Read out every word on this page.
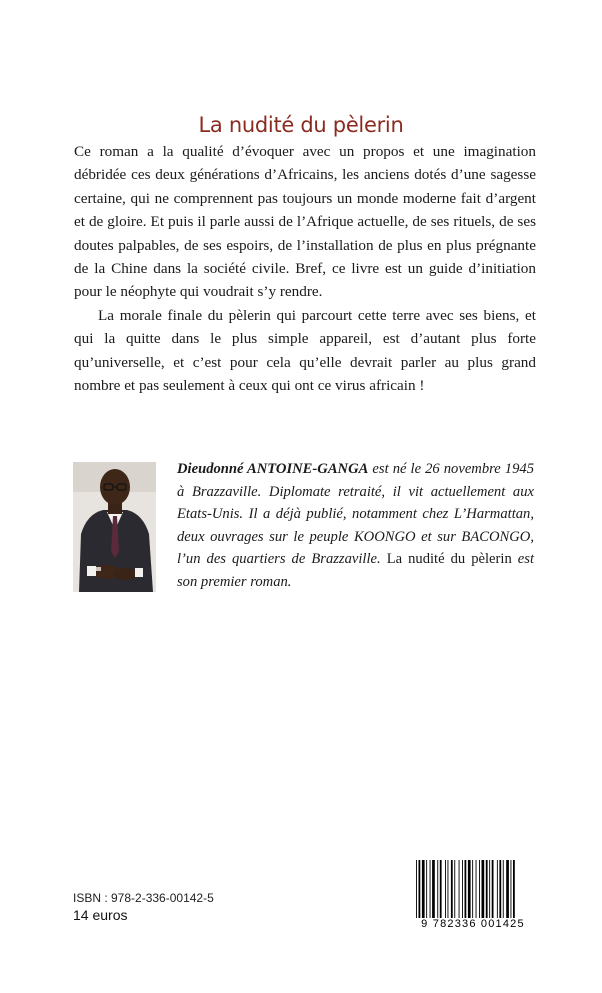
La nudité du pèlerin

Ce roman a la qualité d’évoquer avec un propos et une imagination débridée ces deux générations d’Africains, les anciens dotés d’une sagesse certaine, qui ne comprennent pas toujours un monde moderne fait d’argent et de gloire. Et puis il parle aussi de l’Afrique actuelle, de ses rituels, de ses doutes palpables, de ses espoirs, de l’installation de plus en plus prégnante de la Chine dans la société civile. Bref, ce livre est un guide d’initiation pour le néophyte qui voudrait s’y rendre.

La morale finale du pèlerin qui parcourt cette terre avec ses biens, et qui la quitte dans le plus simple appareil, est d’autant plus forte qu’universelle, et c’est pour cela qu’elle devrait parler au plus grand nombre et pas seulement à ceux qui ont ce virus africain !

Dieudonné ANTOINE-GANGA est né le 26 novembre 1945 à Brazzaville. Diplomate retraité, il vit actuellement aux Etats-Unis. Il a déjà publié, notamment chez L’Harmattan, deux ouvrages sur le peuple KOONGO et sur BACONGO, l’un des quartiers de Brazzaville. La nudité du pèlerin est son premier roman.
ISBN : 978-2-336-00142-5
14 euros
9 782336 001425
